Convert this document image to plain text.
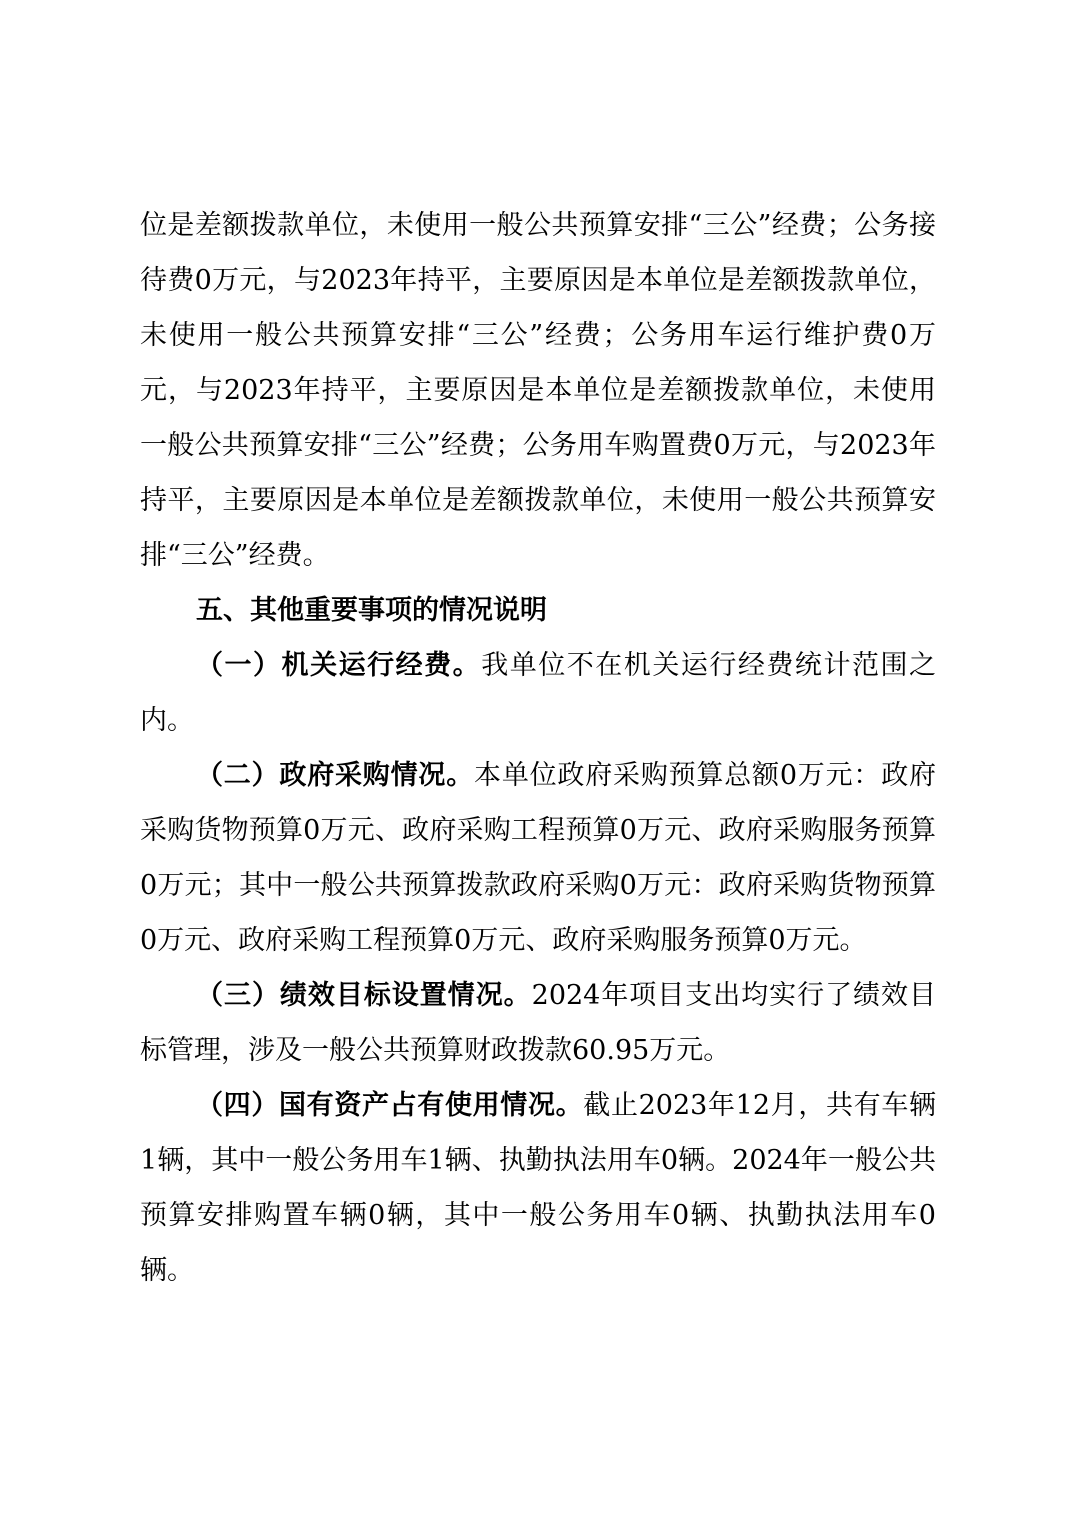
位是差额拨款单位，未使用一般公共预算安排“三公”经费；公务接待费0万元，与2023年持平，主要原因是本单位是差额拨款单位，未使用一般公共预算安排“三公”经费；公务用车运行维护费0万元，与2023年持平，主要原因是本单位是差额拨款单位，未使用一般公共预算安排“三公”经费；公务用车购置费0万元，与2023年持平，主要原因是本单位是差额拨款单位，未使用一般公共预算安排“三公”经费。

五、其他重要事项的情况说明

（一）机关运行经费。我单位不在机关运行经费统计范围之内。

（二）政府采购情况。本单位政府采购预算总额0万元：政府采购货物预算0万元、政府采购工程预算0万元、政府采购服务预算0万元；其中一般公共预算拨款政府采购0万元：政府采购货物预算0万元、政府采购工程预算0万元、政府采购服务预算0万元。

（三）绩效目标设置情况。2024年项目支出均实行了绩效目标管理，涉及一般公共预算财政拨款60.95万元。

（四）国有资产占有使用情况。截止2023年12月，共有车辆1辆，其中一般公务用车1辆、执勤执法用车0辆。2024年一般公共预算安排购置车辆0辆，其中一般公务用车0辆、执勤执法用车0辆。
